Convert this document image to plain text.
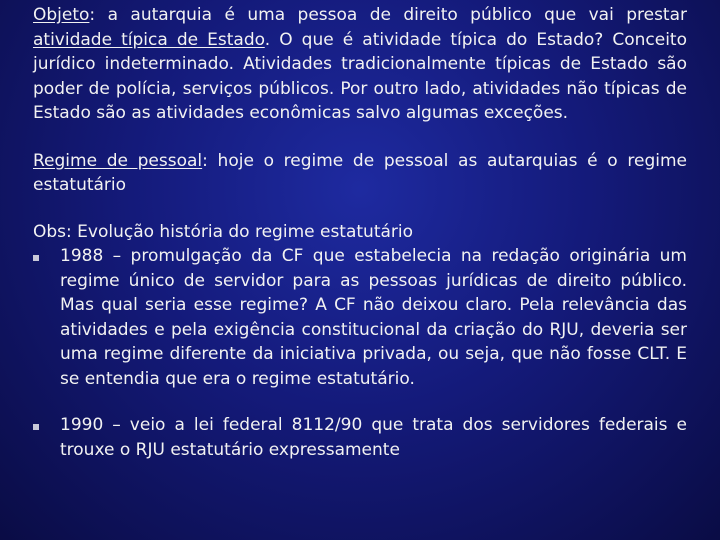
Objeto: a autarquia é uma pessoa de direito público que vai prestar atividade típica de Estado. O que é atividade típica do Estado? Conceito jurídico indeterminado. Atividades tradicionalmente típicas de Estado são poder de polícia, serviços públicos. Por outro lado, atividades não típicas de Estado são as atividades econômicas salvo algumas exceções.

Regime de pessoal: hoje o regime de pessoal as autarquias é o regime estatutário

Obs: Evolução história do regime estatutário

1988 – promulgação da CF que estabelecia na redação originária um regime único de servidor para as pessoas jurídicas de direito público. Mas qual seria esse regime? A CF não deixou claro. Pela relevância das atividades e pela exigência constitucional da criação do RJU, deveria ser uma regime diferente da iniciativa privada, ou seja, que não fosse CLT. E se entendia que era o regime estatutário.
1990 – veio a lei federal 8112/90 que trata dos servidores federais e trouxe o RJU estatutário expressamente
